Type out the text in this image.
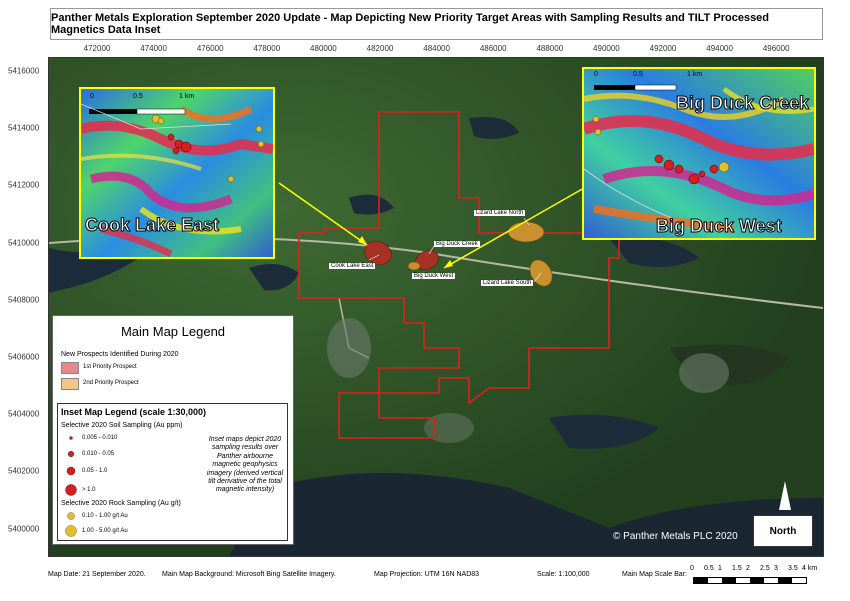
Panther Metals Exploration September 2020 Update - Map Depicting New Priority Target Areas with Sampling Results and TILT Processed Magnetics Data Inset
472000	474000	476000	478000	480000	482000	484000	486000	488000	490000	492000	494000	496000
5416000
5414000
5412000
5410000
5408000
5406000
5404000
5402000
5400000
Cook Lake East
Big Duck Creek
Big Duck West
Lizard Lake North
Lizard Lake South
0	0.5	1 km
Cook Lake East
0	0.5	1 km
Big Duck Creek
Big Duck West
© Panther Metals PLC 2020
Main Map Legend
New Prospects Identified During 2020
1st Priority Prospect
2nd Priority Prospect
Inset Map Legend (scale 1:30,000)
Selective 2020 Soil Sampling (Au ppm)
0.005 - 0.010
0.010 - 0.05
0.05 - 1.0
> 1.0
Selective 2020 Rock Sampling (Au g/t)
0.10 - 1.00 g/t Au
1.00 - 5.00 g/t Au
Inset maps depict 2020 sampling results over Panther airbourne magnetic geophysics imagery (derived vertical tilt derivative of the total magnetic intensity)
North
Map Date: 21 September 2020. Main Map Background: Microsoft Bing Satellite Imagery.	Map Projection: UTM 16N NAD83	Scale: 1:100,000	Main Map Scale Bar:
0 0.5 1 1.5 2 2.5 3 3.5 4 km
